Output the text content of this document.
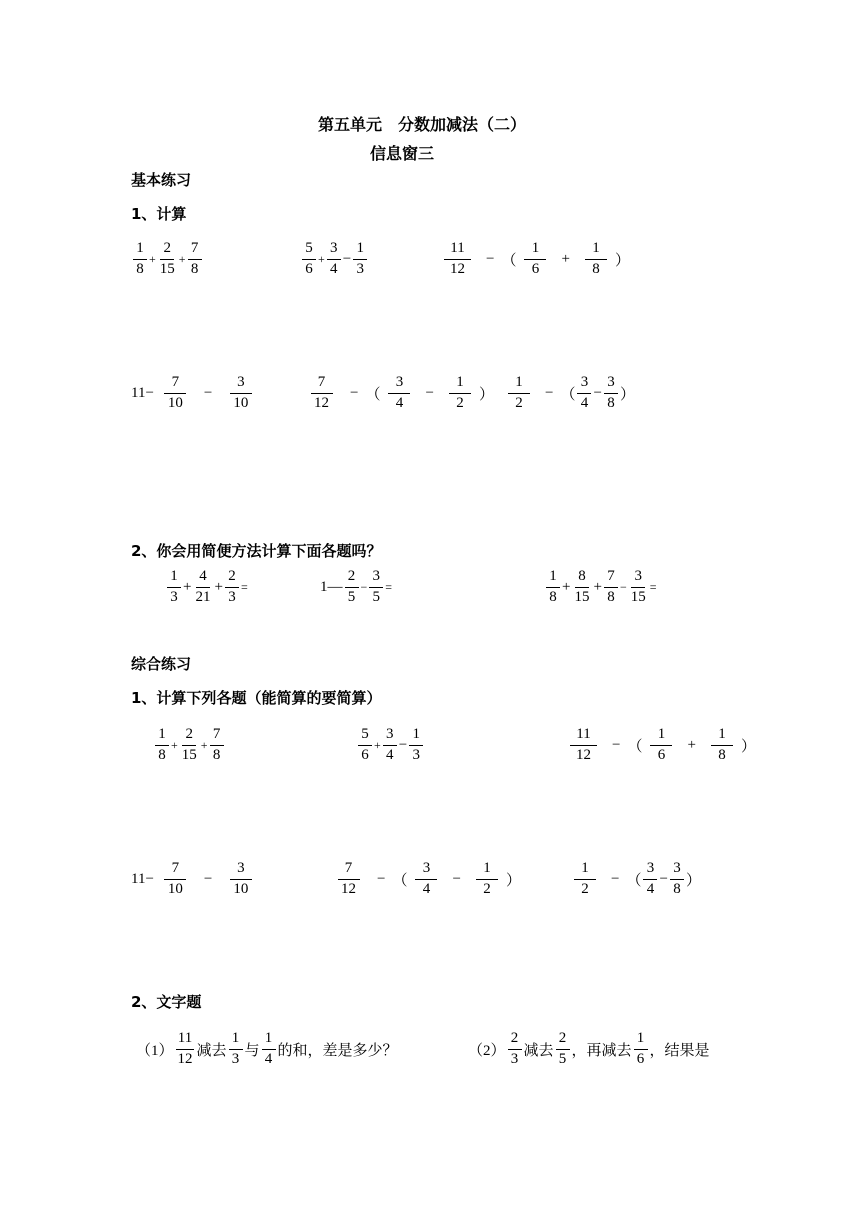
第五单元　分数加减法（二）
信息窗三
基本练习
1、计算
$\frac{1}{8} + \frac{2}{15} + \frac{7}{8}$	$\frac{5}{6} + \frac{3}{4} - \frac{1}{3}$	$\frac{11}{12}$ − （ $\frac{1}{6} + \frac{1}{8}$ ）
$11- \frac{7}{10} - \frac{3}{10}$	$\frac{7}{12}$ − （ $\frac{3}{4} - \frac{1}{2}$ ） $\frac{1}{2}$ − （ $\frac{3}{4} - \frac{3}{8}$ ）
2、你会用简便方法计算下面各题吗？
$\frac{1}{3} + \frac{4}{21} + \frac{2}{3}$ =	1— $\frac{2}{5} - \frac{3}{5}$ =	$\frac{1}{8} + \frac{8}{15} + \frac{7}{8} - \frac{3}{15}$ =
综合练习
1、计算下列各题（能简算的要简算）
$\frac{1}{8} + \frac{2}{15} + \frac{7}{8}$	$\frac{5}{6} + \frac{3}{4} - \frac{1}{3}$	$\frac{11}{12}$ − （ $\frac{1}{6} + \frac{1}{8}$ ）
$11- \frac{7}{10} - \frac{3}{10}$	$\frac{7}{12}$ − （ $\frac{3}{4} - \frac{1}{2}$ ）	$\frac{1}{2}$ − （ $\frac{3}{4} - \frac{3}{8}$ ）
2、文字题
$(1) \frac{11}{12}$ 减去 $\frac{1}{3}$ 与 $\frac{1}{4}$ 的和，差是多少？	$(2) \frac{2}{3}$ 减去 $\frac{2}{5}$ ，再减去 $\frac{1}{6}$ ，结果是
